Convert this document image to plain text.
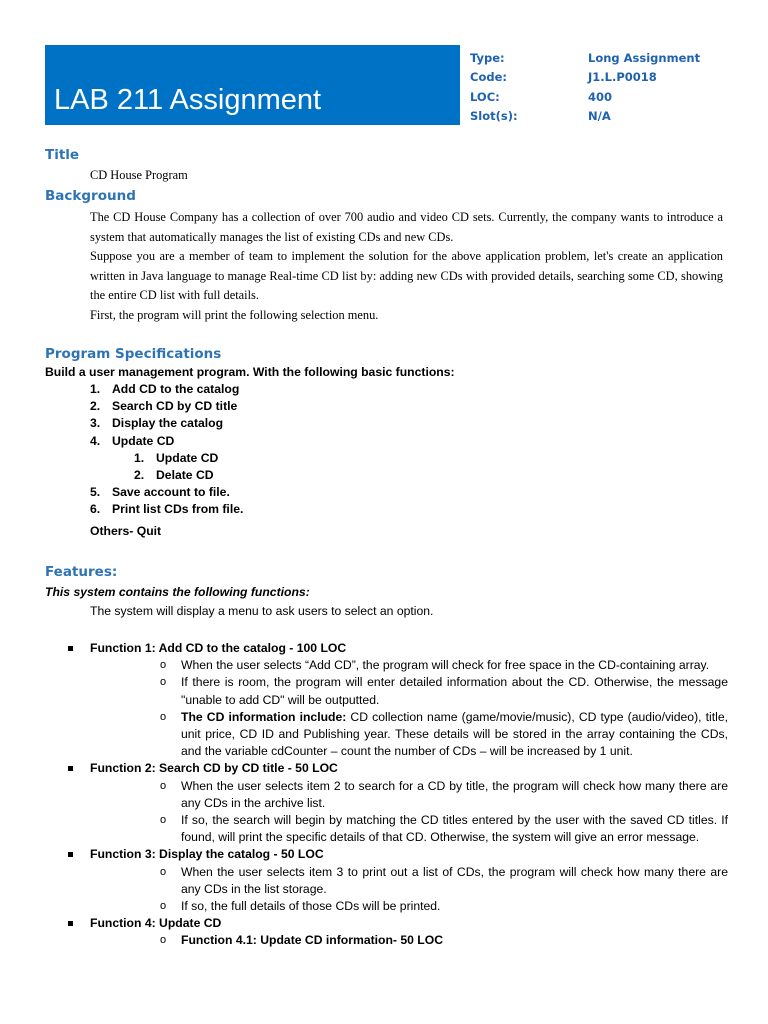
LAB 211 Assignment
Type:	Long Assignment
Code:	J1.L.P0018
LOC:	400
Slot(s):	N/A
Title

CD House Program

Background

The CD House Company has a collection of over 700 audio and video CD sets. Currently, the company wants to introduce a system that automatically manages the list of existing CDs and new CDs.

Suppose you are a member of team to implement the solution for the above application problem, let's create an application written in Java language to manage Real-time CD list by: adding new CDs with provided details, searching some CD, showing the entire CD list with full details.

First, the program will print the following selection menu.

Program Specifications
Build a user management program. With the following basic functions:
1. Add CD to the catalog
2. Search CD by CD title
3. Display the catalog
4. Update CD
1. Update CD
2. Delate CD
5. Save account to file.
6. Print list CDs from file.
Others- Quit
Features:
This system contains the following functions:
The system will display a menu to ask users to select an option.
Function 1: Add CD to the catalog - 100 LOC
o When the user selects “Add CD”, the program will check for free space in the CD-containing array.
o If there is room, the program will enter detailed information about the CD. Otherwise, the message "unable to add CD" will be outputted.
o The CD information include: CD collection name (game/movie/music), CD type (audio/video), title, unit price, CD ID and Publishing year. These details will be stored in the array containing the CDs, and the variable cdCounter – count the number of CDs – will be increased by 1 unit.
Function 2: Search CD by CD title - 50 LOC
o When the user selects item 2 to search for a CD by title, the program will check how many there are any CDs in the archive list.
o If so, the search will begin by matching the CD titles entered by the user with the saved CD titles. If found, will print the specific details of that CD. Otherwise, the system will give an error message.
Function 3: Display the catalog - 50 LOC
o When the user selects item 3 to print out a list of CDs, the program will check how many there are any CDs in the list storage.
o If so, the full details of those CDs will be printed.
Function 4: Update CD
o Function 4.1: Update CD information- 50 LOC
